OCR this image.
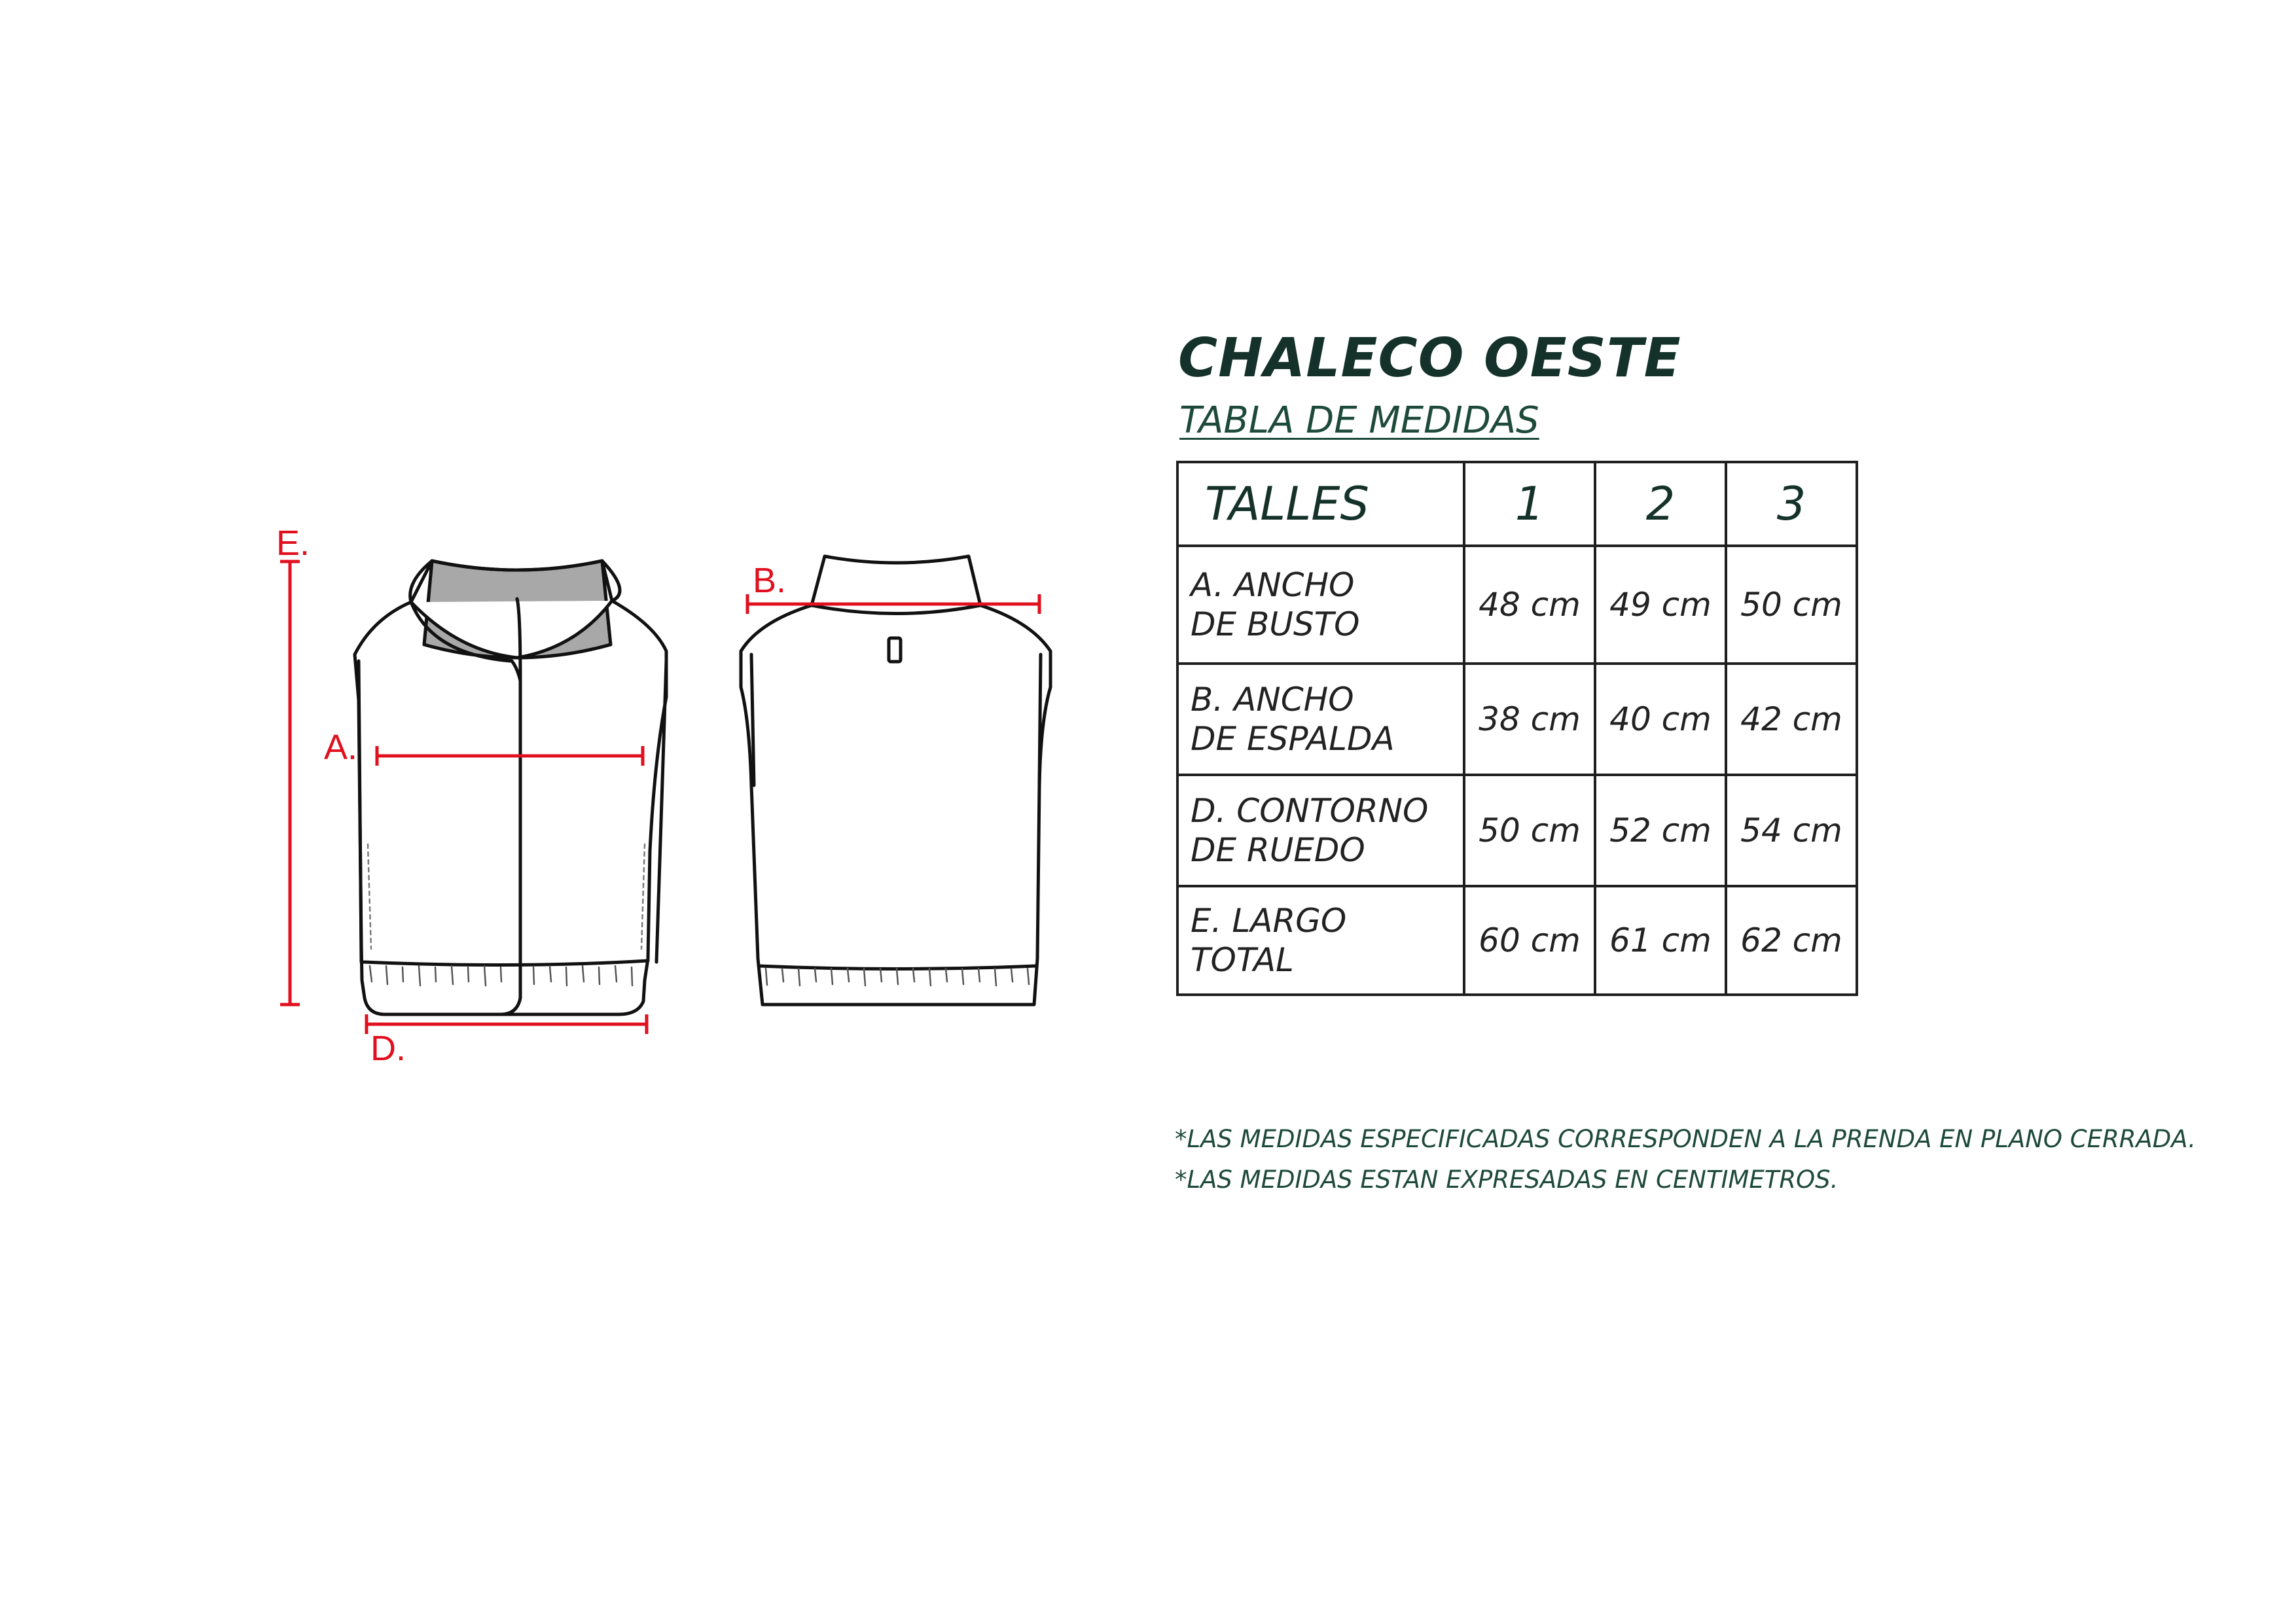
E.
A.
B.
D.
CHALECO OESTE
TABLA DE MEDIDAS
TALLES	1	2	3

A. ANCHO
DE BUSTO	48 cm	49 cm	50 cm

B. ANCHO
DE ESPALDA	38 cm	40 cm	42 cm

D. CONTORNO
DE RUEDO	50 cm	52 cm	54 cm

E. LARGO
TOTAL	60 cm	61 cm	62 cm
*LAS MEDIDAS ESPECIFICADAS CORRESPONDEN A LA PRENDA EN PLANO CERRADA.
*LAS MEDIDAS ESTAN EXPRESADAS EN CENTIMETROS.
